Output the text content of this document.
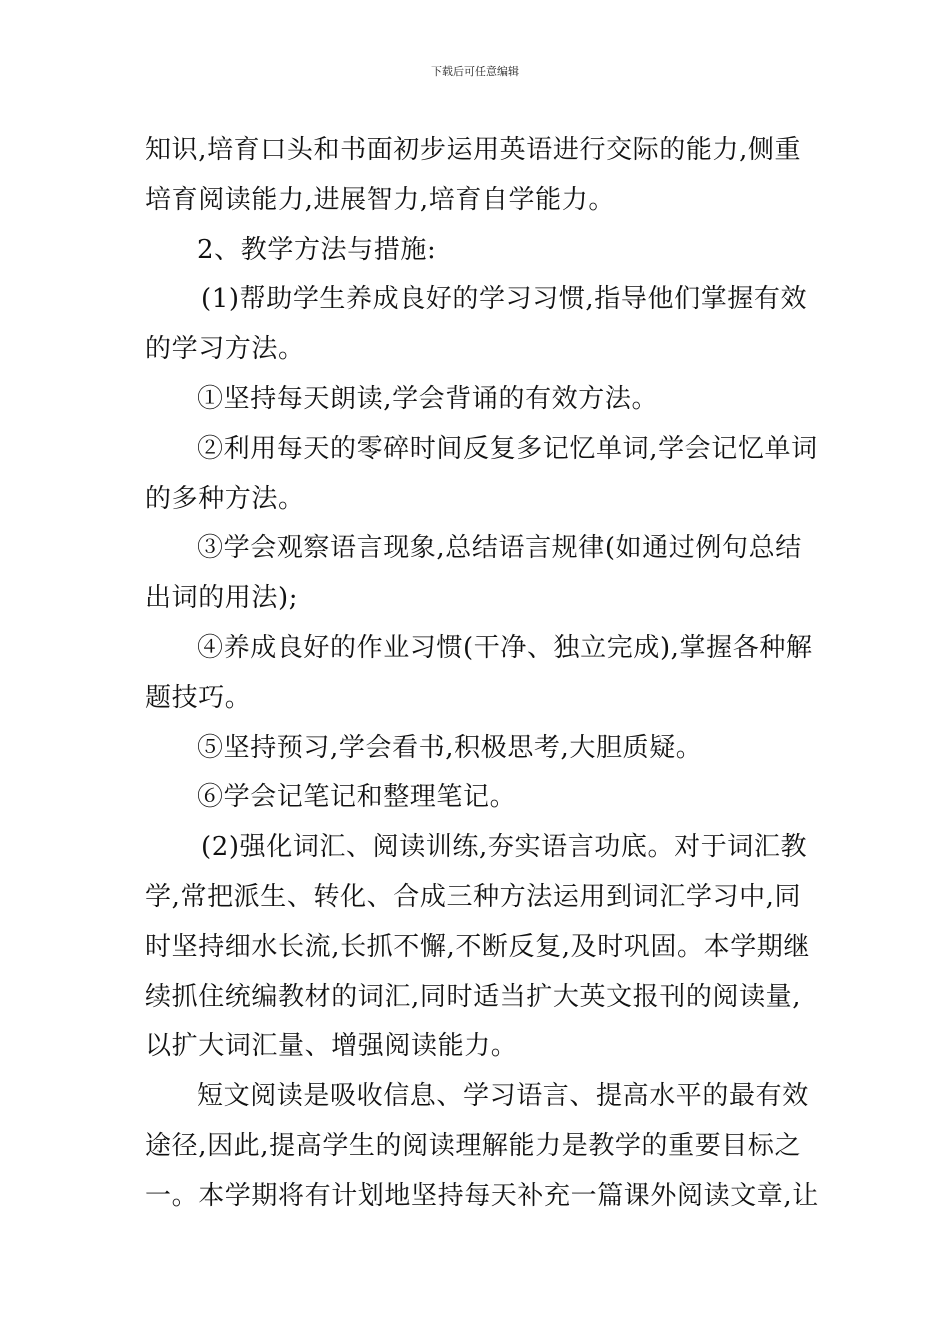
下载后可任意编辑
知识,培育口头和书面初步运用英语进行交际的能力,侧重
培育阅读能力,进展智力,培育自学能力。
2、教学方法与措施:
(1)帮助学生养成良好的学习习惯,指导他们掌握有效
的学习方法。
①坚持每天朗读,学会背诵的有效方法。
②利用每天的零碎时间反复多记忆单词,学会记忆单词
的多种方法。
③学会观察语言现象,总结语言规律(如通过例句总结
出词的用法);
④养成良好的作业习惯(干净、独立完成),掌握各种解
题技巧。
⑤坚持预习,学会看书,积极思考,大胆质疑。
⑥学会记笔记和整理笔记。
(2)强化词汇、阅读训练,夯实语言功底。对于词汇教
学,常把派生、转化、合成三种方法运用到词汇学习中,同
时坚持细水长流,长抓不懈,不断反复,及时巩固。本学期继
续抓住统编教材的词汇,同时适当扩大英文报刊的阅读量,
以扩大词汇量、增强阅读能力。
短文阅读是吸收信息、学习语言、提高水平的最有效
途径,因此,提高学生的阅读理解能力是教学的重要目标之
一。本学期将有计划地坚持每天补充一篇课外阅读文章,让
